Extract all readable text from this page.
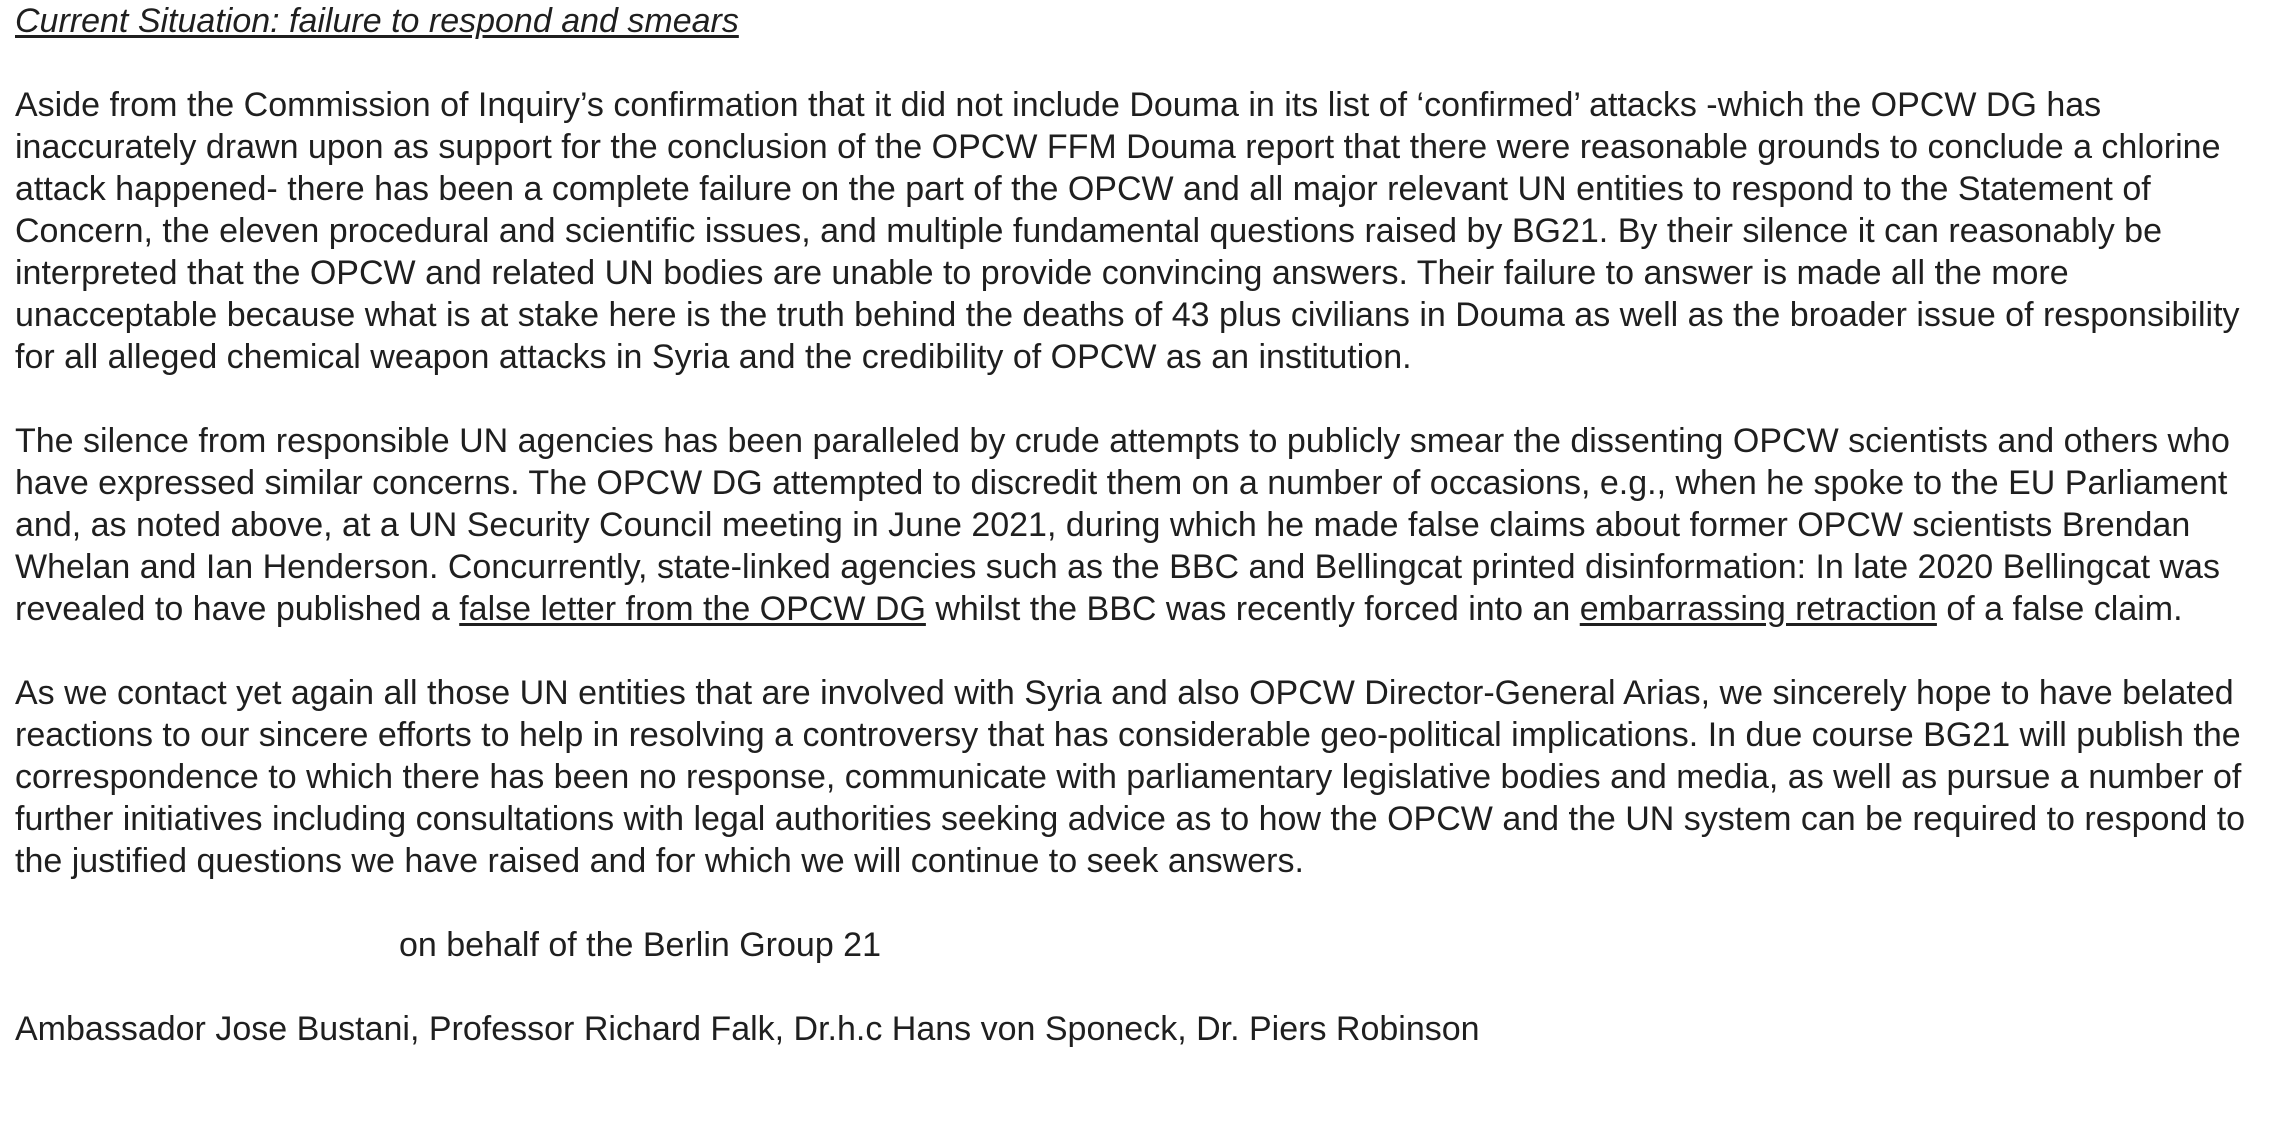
Current Situation: failure to respond and smears

Aside from the Commission of Inquiry’s confirmation that it did not include Douma in its list of ‘confirmed’ attacks -which the OPCW DG has inaccurately drawn upon as support for the conclusion of the OPCW FFM Douma report that there were reasonable grounds to conclude a chlorine attack happened- there has been a complete failure on the part of the OPCW and all major relevant UN entities to respond to the Statement of Concern, the eleven procedural and scientific issues, and multiple fundamental questions raised by BG21. By their silence it can reasonably be interpreted that the OPCW and related UN bodies are unable to provide convincing answers. Their failure to answer is made all the more unacceptable because what is at stake here is the truth behind the deaths of 43 plus civilians in Douma as well as the broader issue of responsibility for all alleged chemical weapon attacks in Syria and the credibility of OPCW as an institution.

The silence from responsible UN agencies has been paralleled by crude attempts to publicly smear the dissenting OPCW scientists and others who have expressed similar concerns. The OPCW DG attempted to discredit them on a number of occasions, e.g., when he spoke to the EU Parliament and, as noted above, at a UN Security Council meeting in June 2021, during which he made false claims about former OPCW scientists Brendan Whelan and Ian Henderson. Concurrently, state-linked agencies such as the BBC and Bellingcat printed disinformation: In late 2020 Bellingcat was revealed to have published a false letter from the OPCW DG whilst the BBC was recently forced into an embarrassing retraction of a false claim.

As we contact yet again all those UN entities that are involved with Syria and also OPCW Director-General Arias, we sincerely hope to have belated reactions to our sincere efforts to help in resolving a controversy that has considerable geo-political implications. In due course BG21 will publish the correspondence to which there has been no response, communicate with parliamentary legislative bodies and media, as well as pursue a number of further initiatives including consultations with legal authorities seeking advice as to how the OPCW and the UN system can be required to respond to the justified questions we have raised and for which we will continue to seek answers.

on behalf of the Berlin Group 21

Ambassador Jose Bustani, Professor Richard Falk, Dr.h.c Hans von Sponeck, Dr. Piers Robinson
